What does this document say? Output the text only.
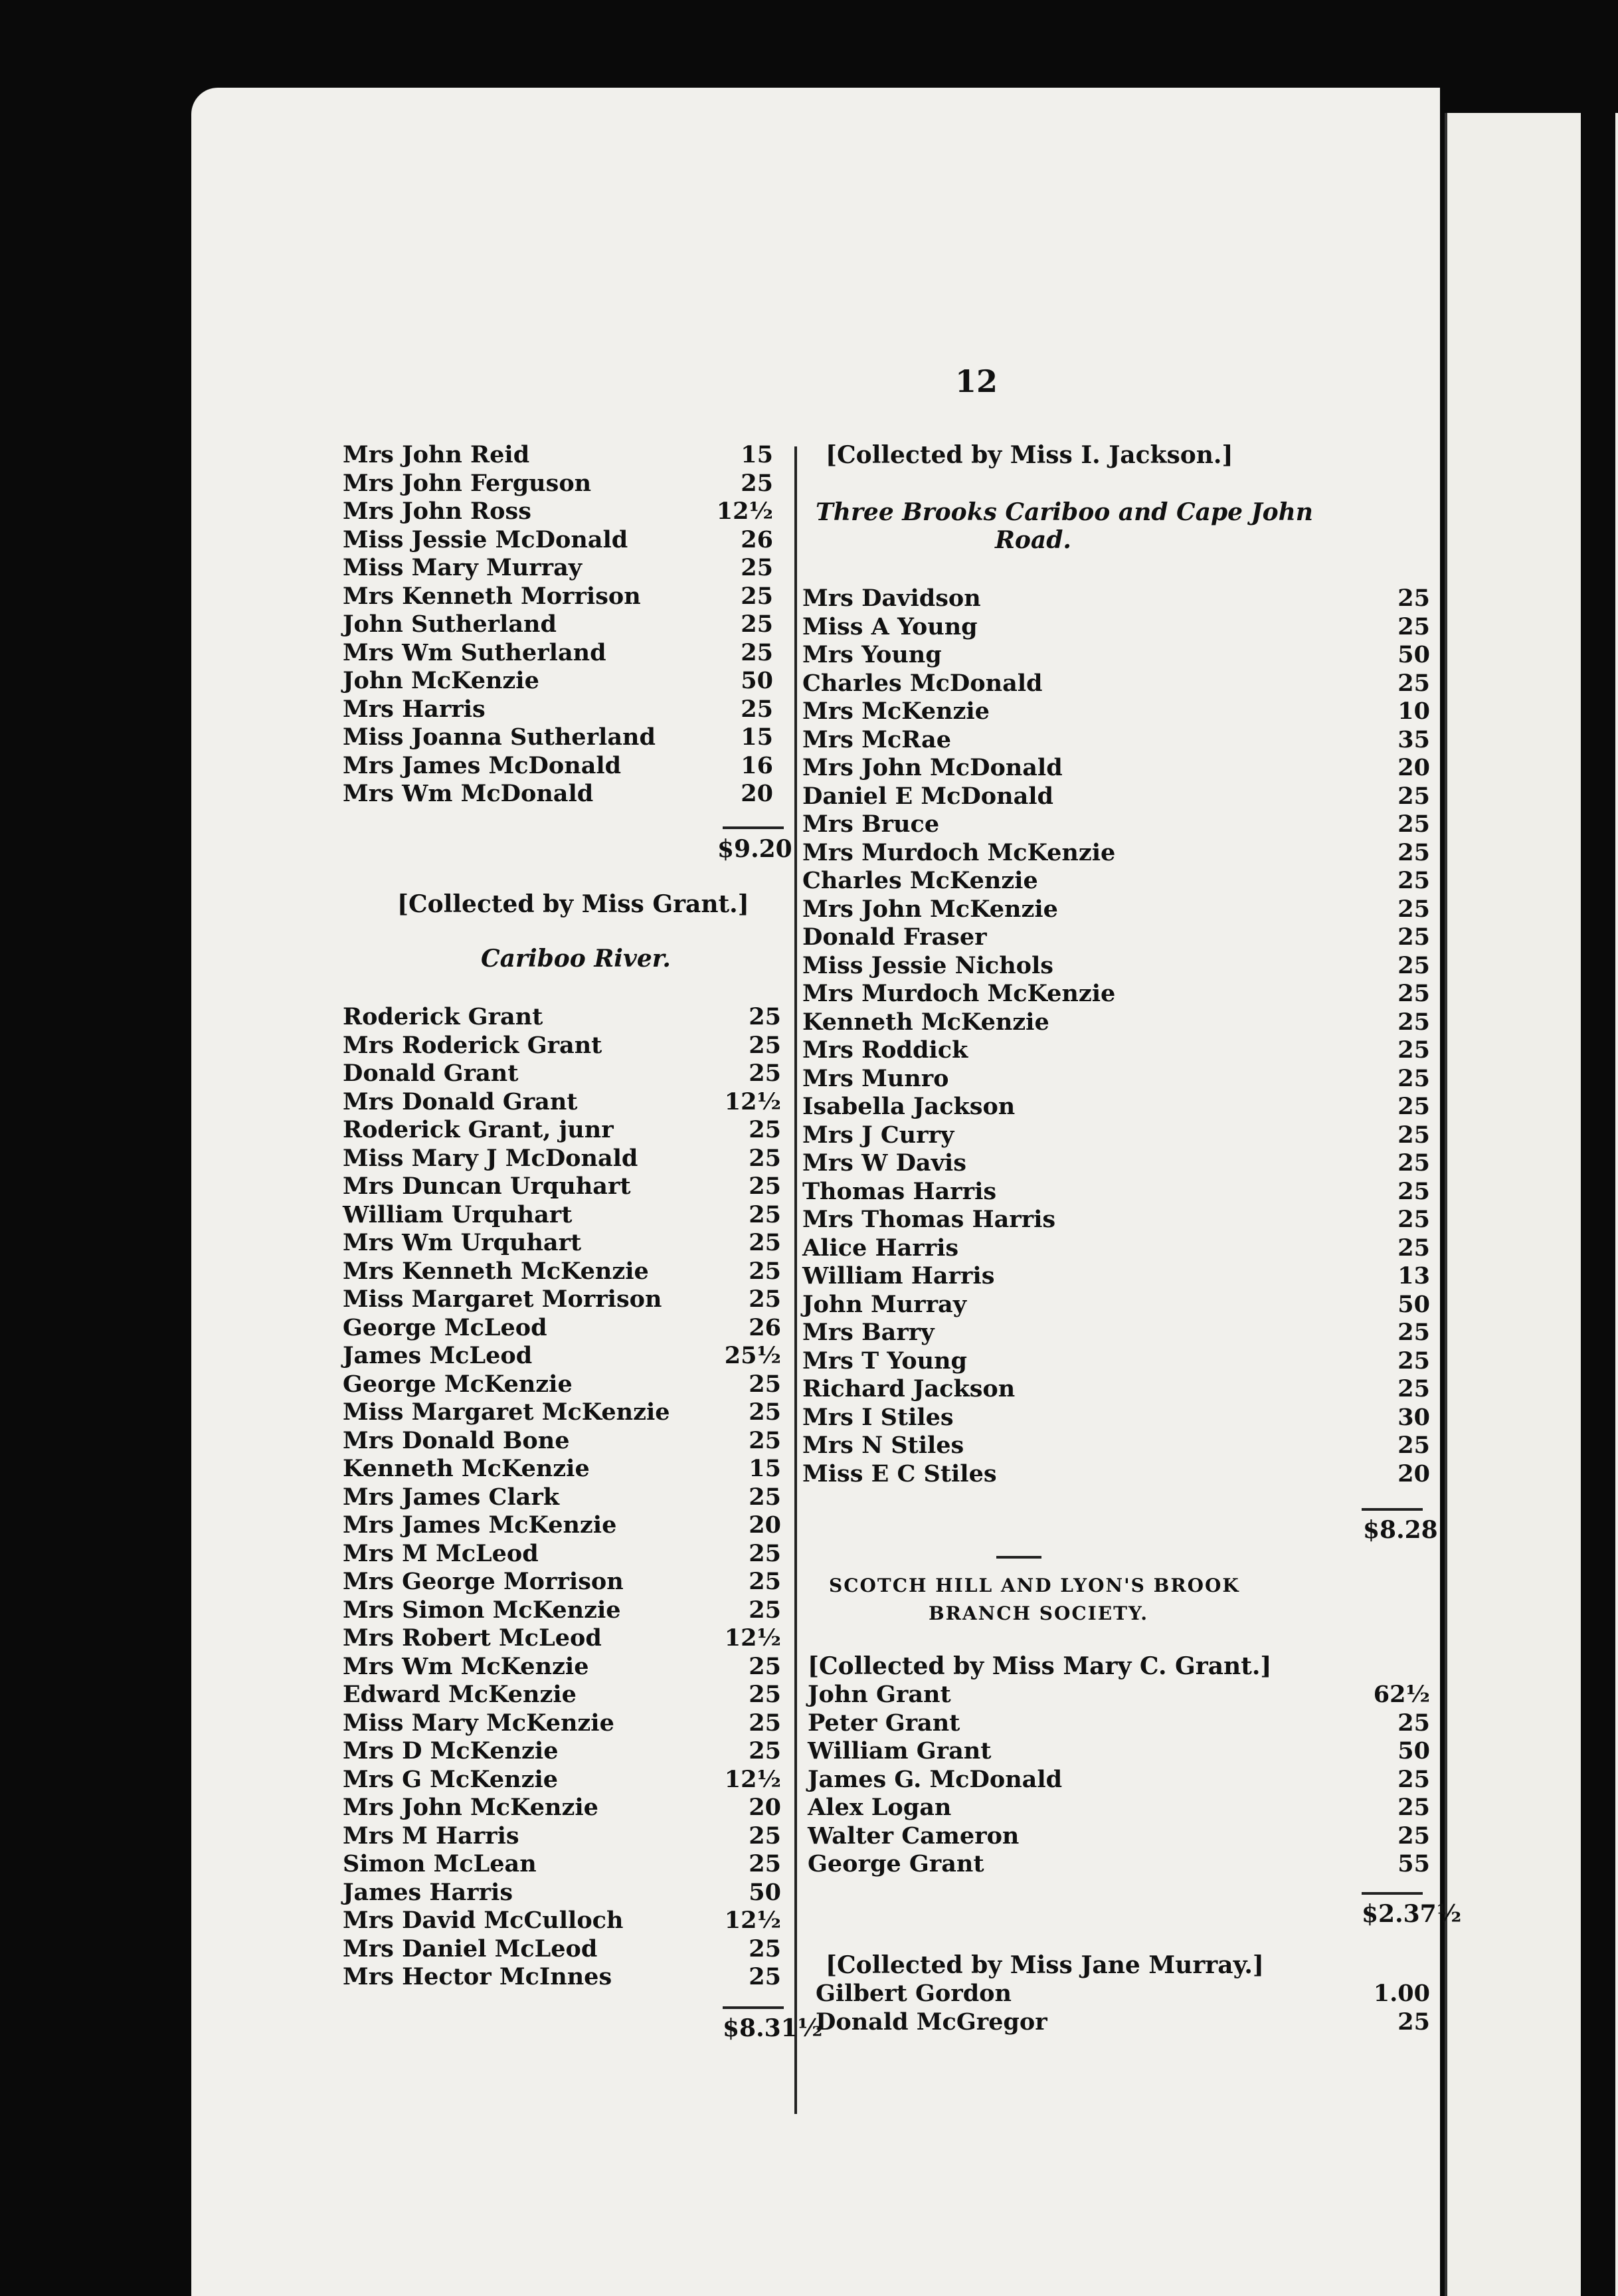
12
Mrs John Reid	15
Mrs John Ferguson	25
Mrs John Ross	12½
Miss Jessie McDonald	26
Miss Mary Murray	25
Mrs Kenneth Morrison	25
John Sutherland	25
Mrs Wm Sutherland	25
John McKenzie	50
Mrs Harris	25
Miss Joanna Sutherland	15
Mrs James McDonald	16
Mrs Wm McDonald	20
$9.20
[Collected by Miss Grant.]
Cariboo River.
Roderick Grant	25
Mrs Roderick Grant	25
Donald Grant	25
Mrs Donald Grant	12½
Roderick Grant, junr	25
Miss Mary J McDonald	25
Mrs Duncan Urquhart	25
William Urquhart	25
Mrs Wm Urquhart	25
Mrs Kenneth McKenzie	25
Miss Margaret Morrison	25
George McLeod	26
James McLeod	25½
George McKenzie	25
Miss Margaret McKenzie	25
Mrs Donald Bone	25
Kenneth McKenzie	15
Mrs James Clark	25
Mrs James McKenzie	20
Mrs M McLeod	25
Mrs George Morrison	25
Mrs Simon McKenzie	25
Mrs Robert McLeod	12½
Mrs Wm McKenzie	25
Edward McKenzie	25
Miss Mary McKenzie	25
Mrs D McKenzie	25
Mrs G McKenzie	12½
Mrs John McKenzie	20
Mrs M Harris	25
Simon McLean	25
James Harris	50
Mrs David McCulloch	12½
Mrs Daniel McLeod	25
Mrs Hector McInnes	25
$8.31½
[Collected by Miss I. Jackson.]
Three Brooks Cariboo and Cape John
Road.
Mrs Davidson	25
Miss A Young	25
Mrs Young	50
Charles McDonald	25
Mrs McKenzie	10
Mrs McRae	35
Mrs John McDonald	20
Daniel E McDonald	25
Mrs Bruce	25
Mrs Murdoch McKenzie	25
Charles McKenzie	25
Mrs John McKenzie	25
Donald Fraser	25
Miss Jessie Nichols	25
Mrs Murdoch McKenzie	25
Kenneth McKenzie	25
Mrs Roddick	25
Mrs Munro	25
Isabella Jackson	25
Mrs J Curry	25
Mrs W Davis	25
Thomas Harris	25
Mrs Thomas Harris	25
Alice Harris	25
William Harris	13
John Murray	50
Mrs Barry	25
Mrs T Young	25
Richard Jackson	25
Mrs I Stiles	30
Mrs N Stiles	25
Miss E C Stiles	20
$8.28
SCOTCH HILL AND LYON'S BROOK
BRANCH SOCIETY.
[Collected by Miss Mary C. Grant.]
John Grant	62½
Peter Grant	25
William Grant	50
James G. McDonald	25
Alex Logan	25
Walter Cameron	25
George Grant	55
$2.37½
[Collected by Miss Jane Murray.]
Gilbert Gordon	1.00
Donald McGregor	25
